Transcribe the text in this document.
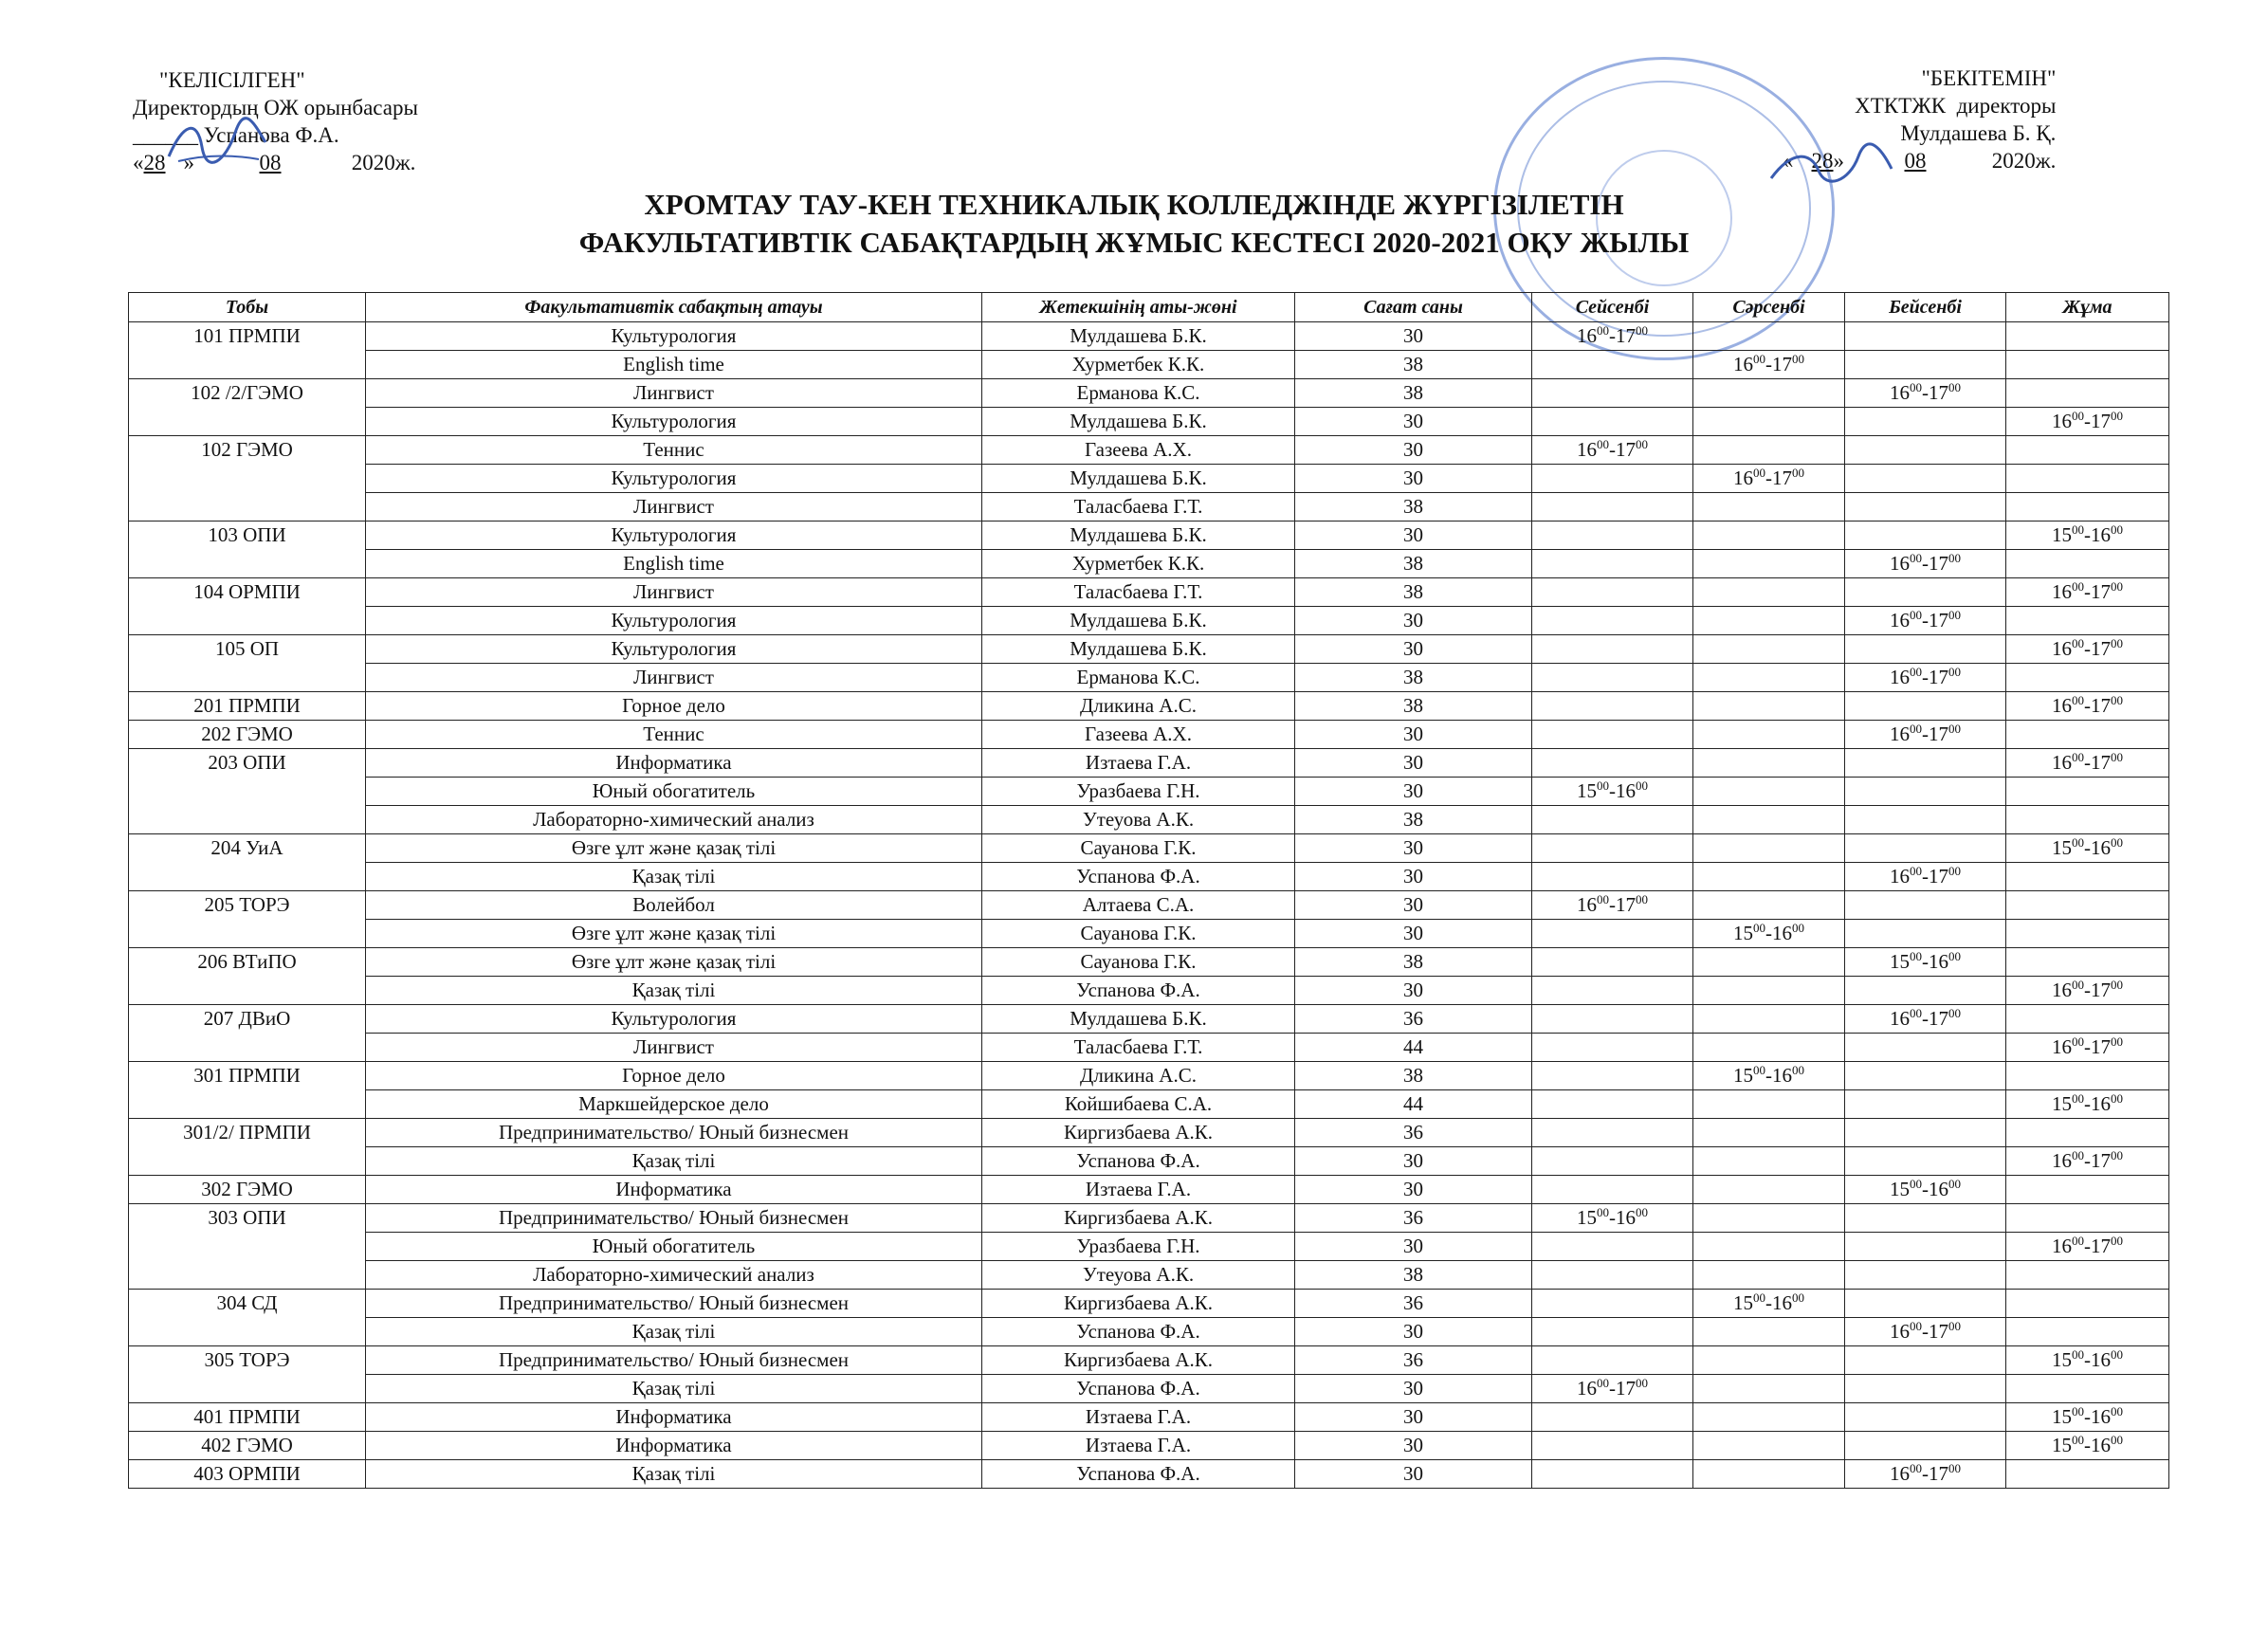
"КЕЛІСІЛГЕН"
Директордың ОЖ орынбасары
______ Успанова Ф.А.
«28 »	08	2020ж.
"БЕКІТЕМІН"
ХТКТЖК  директоры
Мулдашева Б. Қ.
« 28»	08	2020ж.
ХРОМТАУ ТАУ-КЕН ТЕХНИКАЛЫҚ КОЛЛЕДЖІНДЕ ЖҮРГІЗІЛЕТІН
ФАКУЛЬТАТИВТІК САБАҚТАРДЫҢ ЖҰМЫС КЕСТЕСІ 2020-2021 ОҚУ ЖЫЛЫ
Тобы	Факультативтік сабақтың атауы	Жетекшінің аты-жөні	Сағат саны	Сейсенбі	Сәрсенбі	Бейсенбі	Жұма
101 ПРМПИ	Культурология	Мулдашева Б.К.	30	$16^{00}-17^{00}$			
	English time	Хурметбек К.К.	38		$16^{00}-17^{00}$		
102 /2/ГЭМО	Лингвист	Ерманова К.С.	38			$16^{00}-17^{00}$	
	Культурология	Мулдашева Б.К.	30				$16^{00}-17^{00}$
102 ГЭМО	Теннис	Газеева А.Х.	30	$16^{00}-17^{00}$			
	Культурология	Мулдашева Б.К.	30		$16^{00}-17^{00}$		
	Лингвист	Таласбаева Г.Т.	38				
103 ОПИ	Культурология	Мулдашева Б.К.	30				$15^{00}-16^{00}$
	English time	Хурметбек К.К.	38			$16^{00}-17^{00}$	
104 ОРМПИ	Лингвист	Таласбаева Г.Т.	38				$16^{00}-17^{00}$
	Культурология	Мулдашева Б.К.	30			$16^{00}-17^{00}$	
105 ОП	Культурология	Мулдашева Б.К.	30				$16^{00}-17^{00}$
	Лингвист	Ерманова К.С.	38			$16^{00}-17^{00}$	
201 ПРМПИ	Горное дело	Дликина А.С.	38				$16^{00}-17^{00}$
202 ГЭМО	Теннис	Газеева А.Х.	30			$16^{00}-17^{00}$	
203 ОПИ	Информатика	Изтаева Г.А.	30				$16^{00}-17^{00}$
	Юный обогатитель	Уразбаева Г.Н.	30	$15^{00}-16^{00}$			
	Лабораторно-химический анализ	Утеуова А.К.	38				
204 УиА	Өзге ұлт және қазақ тілі	Сауанова Г.К.	30				$15^{00}-16^{00}$
	Қазақ тілі	Успанова Ф.А.	30			$16^{00}-17^{00}$	
205 ТОРЭ	Волейбол	Алтаева С.А.	30	$16^{00}-17^{00}$			
	Өзге ұлт және қазақ тілі	Сауанова Г.К.	30		$15^{00}-16^{00}$		
206 ВТиПО	Өзге ұлт және қазақ тілі	Сауанова Г.К.	38			$15^{00}-16^{00}$	
	Қазақ тілі	Успанова Ф.А.	30				$16^{00}-17^{00}$
207 ДВиО	Культурология	Мулдашева Б.К.	36			$16^{00}-17^{00}$	
	Лингвист	Таласбаева Г.Т.	44				$16^{00}-17^{00}$
301 ПРМПИ	Горное дело	Дликина А.С.	38		$15^{00}-16^{00}$		
	Маркшейдерское дело	Койшибаева С.А.	44				$15^{00}-16^{00}$
301/2/ ПРМПИ	Предпринимательство/ Юный бизнесмен	Киргизбаева А.К.	36				
	Қазақ тілі	Успанова Ф.А.	30				$16^{00}-17^{00}$
302 ГЭМО	Информатика	Изтаева Г.А.	30			$15^{00}-16^{00}$	
303 ОПИ	Предпринимательство/ Юный бизнесмен	Киргизбаева А.К.	36	$15^{00}-16^{00}$			
	Юный обогатитель	Уразбаева Г.Н.	30				$16^{00}-17^{00}$
	Лабораторно-химический анализ	Утеуова А.К.	38				
304 СД	Предпринимательство/ Юный бизнесмен	Киргизбаева А.К.	36		$15^{00}-16^{00}$		
	Қазақ тілі	Успанова Ф.А.	30			$16^{00}-17^{00}$	
305 ТОРЭ	Предпринимательство/ Юный бизнесмен	Киргизбаева А.К.	36				$15^{00}-16^{00}$
	Қазақ тілі	Успанова Ф.А.	30	$16^{00}-17^{00}$			
401 ПРМПИ	Информатика	Изтаева Г.А.	30				$15^{00}-16^{00}$
402 ГЭМО	Информатика	Изтаева Г.А.	30				$15^{00}-16^{00}$
403 ОРМПИ	Қазақ тілі	Успанова Ф.А.	30			$16^{00}-17^{00}$	
